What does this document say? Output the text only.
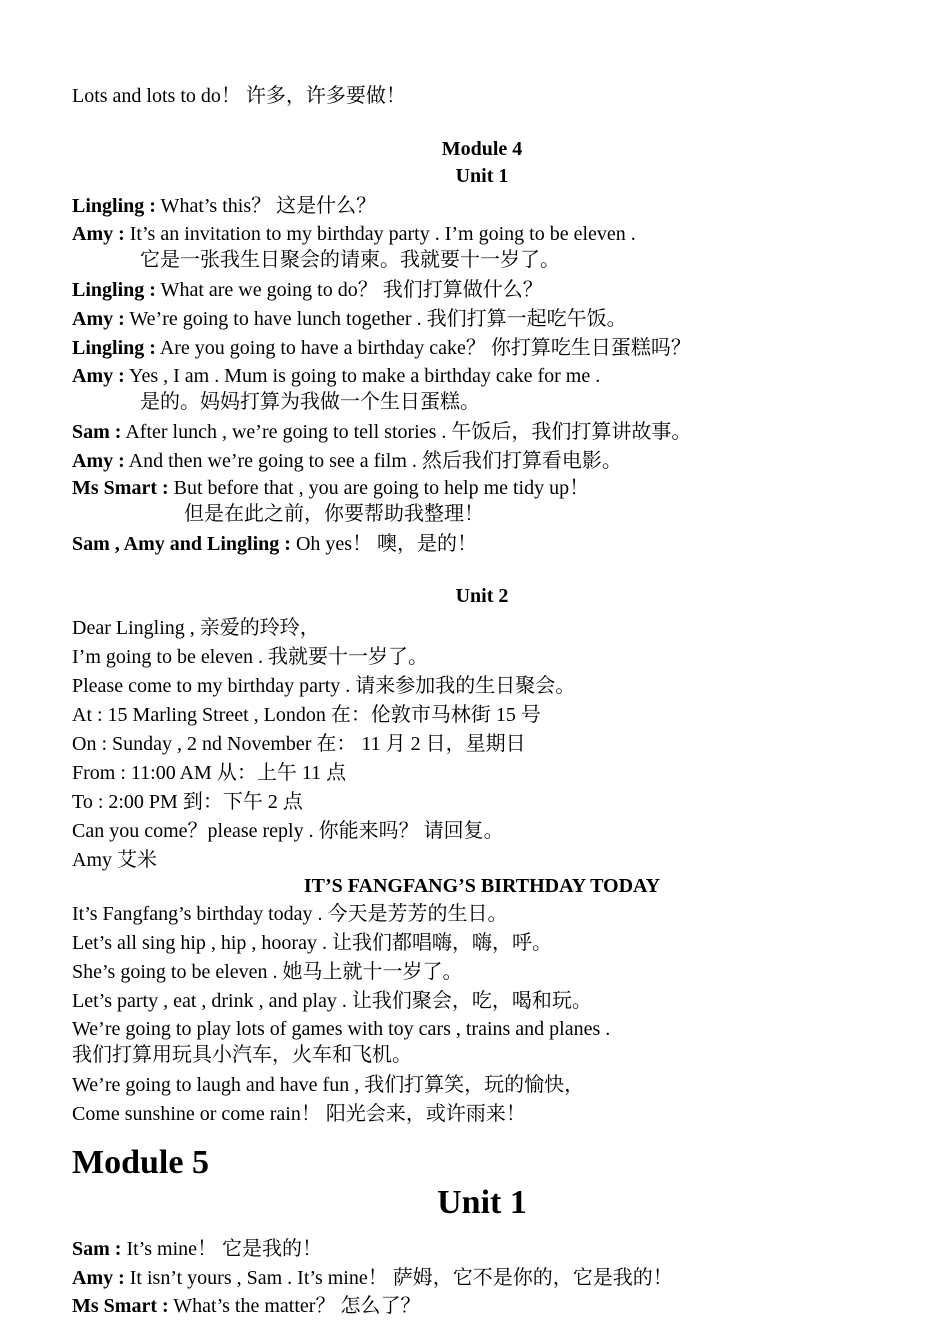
Lots and lots to do！ 许多，许多要做！
Module 4
Unit 1
Lingling : What’s this？ 这是什么？
Amy : It’s an invitation to my birthday party . I’m going to be eleven .
它是一张我生日聚会的请柬。我就要十一岁了。
Lingling : What are we going to do？ 我们打算做什么？
Amy : We’re going to have lunch together . 我们打算一起吃午饭。
Lingling : Are you going to have a birthday cake？ 你打算吃生日蛋糕吗？
Amy : Yes , I am . Mum is going to make a birthday cake for me .
是的。妈妈打算为我做一个生日蛋糕。
Sam : After lunch , we’re going to tell stories . 午饭后，我们打算讲故事。
Amy : And then we’re going to see a film . 然后我们打算看电影。
Ms Smart : But before that , you are going to help me tidy up！
但是在此之前，你要帮助我整理！
Sam , Amy and Lingling : Oh yes！ 噢，是的！
Unit 2
Dear Lingling , 亲爱的玲玲，
I’m going to be eleven . 我就要十一岁了。
Please come to my birthday party . 请来参加我的生日聚会。
At : 15 Marling Street , London 在：伦敦市马林街 15 号
On : Sunday , 2 nd November 在： 11 月 2 日，星期日
From : 11:00 AM 从：上午 11 点
To : 2:00 PM 到：下午 2 点
Can you come？please reply . 你能来吗？ 请回复。
Amy 艾米
IT’S FANGFANG’S BIRTHDAY TODAY
It’s Fangfang’s birthday today . 今天是芳芳的生日。
Let’s all sing hip , hip , hooray . 让我们都唱嗨，嗨，呼。
She’s going to be eleven . 她马上就十一岁了。
Let’s party , eat , drink , and play . 让我们聚会，吃，喝和玩。
We’re going to play lots of games with toy cars , trains and planes .
我们打算用玩具小汽车，火车和飞机。
We’re going to laugh and have fun , 我们打算笑，玩的愉快，
Come sunshine or come rain！ 阳光会来，或许雨来！
Module 5
Unit 1
Sam : It’s mine！ 它是我的！
Amy : It isn’t yours , Sam . It’s mine！ 萨姆，它不是你的，它是我的！
Ms Smart : What’s the matter？ 怎么了？
